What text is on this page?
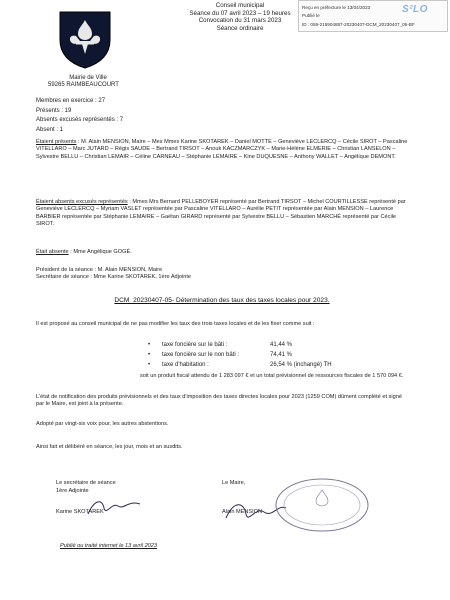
Mairie de Ville
59265 RAIMBEAUCOURT
Conseil municipal
Séance du 07 avril 2023 – 19 heures
Convocation du 31 mars 2023
Séance ordinaire
Reçu en préfecture le 13/04/2023
Publié le
ID : 059-215904887-20230407-DCM_20230407_05-BF
S²LO
Membres en exercice : 27
Présents : 19
Absents excusés représentés : 7
Absent : 1
Étaient présents : M. Alain MENSION, Maire – Mes Mmes Karine SKOTAREK – Daniel MOTTE – Geneviève LECLERCQ – Cécile SIROT – Pascaline VITELLARO – Marc JUTARD – Régis SAUDE – Bertrand TIRSOT – Anouk KACZMARCZYK – Marie-Hélène ELMERIE – Christian LANSELON – Sylvestre BELLU – Christian LEMAIR – Céline CARNEAU – Stéphanie LEMAIRE – Kine DUQUESNE – Anthony WALLET – Angélique DEMONT.
Étaient absents excusés représentés : Mmes Mrs Bernard PELLEBOYER représenté par Bertrand TIRSOT – Michel COURTILLESSE représenté par Geneviève LECLERCQ – Myriam VASLET représentée par Pascaline VITELLARO – Aurélie PETIT représentée par Alain MENSION – Laurence BARBIER représentée par Stéphanie LEMAIRE – Gaëtan GIRARD représenté par Sylvestre BELLU – Sébastien MARCHÉ représenté par Cécile SIROT.
Était absente : Mme Angélique GOGÉ.
Président de la séance : M. Alain MENSION, Maire
Secrétaire de séance : Mme Karine SKOTAREK, 1ère Adjointe
DCM_20230407-05- Détermination des taux des taxes locales pour 2023.
Il est proposé au conseil municipal de ne pas modifier les taux des trois taxes locales et de les fixer comme suit :
• taxe foncière sur le bâti :	41,44 %
• taxe foncière sur le non bâti :	74,41 %
• taxe d'habitation :	26,54 % (inchangé) TH
soit un produit fiscal attendu de 1 283 097 € et un total prévisionnel de ressources fiscales de 1 570 094 €.
L'état de notification des produits prévisionnels et des taux d'imposition des taxes directes locales pour 2023 (1259 COM) dûment complété et signé par le Maire, est joint à la présente.
Adopté par vingt-six voix pour, les autres abstentions.
Ainsi fait et délibéré en séance, les jour, mois et an susdits.
Le secrétaire de séance
1ère Adjointe
Karine SKOTAREK
Le Maire,
Alain MENSION
Publié ou traité internet le 13 avril 2023
